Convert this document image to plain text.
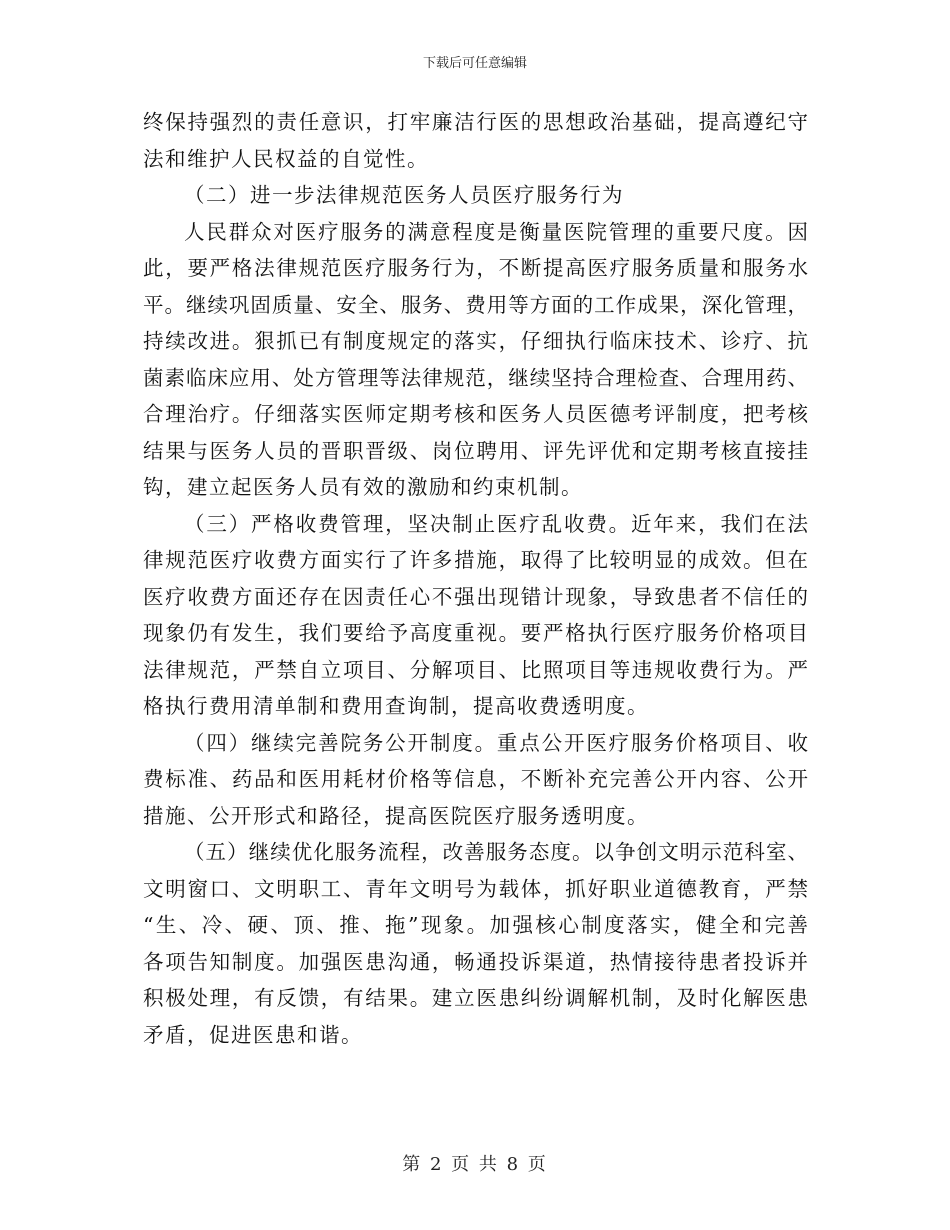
下载后可任意编辑
终保持强烈的责任意识，打牢廉洁行医的思想政治基础，提高遵纪守
法和维护人民权益的自觉性。
（二）进一步法律规范医务人员医疗服务行为
人民群众对医疗服务的满意程度是衡量医院管理的重要尺度。因
此，要严格法律规范医疗服务行为，不断提高医疗服务质量和服务水
平。继续巩固质量、安全、服务、费用等方面的工作成果，深化管理，
持续改进。狠抓已有制度规定的落实，仔细执行临床技术、诊疗、抗
菌素临床应用、处方管理等法律规范，继续坚持合理检查、合理用药、
合理治疗。仔细落实医师定期考核和医务人员医德考评制度，把考核
结果与医务人员的晋职晋级、岗位聘用、评先评优和定期考核直接挂
钩，建立起医务人员有效的激励和约束机制。
（三）严格收费管理，坚决制止医疗乱收费。近年来，我们在法
律规范医疗收费方面实行了许多措施，取得了比较明显的成效。但在
医疗收费方面还存在因责任心不强出现错计现象，导致患者不信任的
现象仍有发生，我们要给予高度重视。要严格执行医疗服务价格项目
法律规范，严禁自立项目、分解项目、比照项目等违规收费行为。严
格执行费用清单制和费用查询制，提高收费透明度。
（四）继续完善院务公开制度。重点公开医疗服务价格项目、收
费标准、药品和医用耗材价格等信息，不断补充完善公开内容、公开
措施、公开形式和路径，提高医院医疗服务透明度。
（五）继续优化服务流程，改善服务态度。以争创文明示范科室、
文明窗口、文明职工、青年文明号为载体，抓好职业道德教育，严禁
“生、冷、硬、顶、推、拖”现象。加强核心制度落实，健全和完善
各项告知制度。加强医患沟通，畅通投诉渠道，热情接待患者投诉并
积极处理，有反馈，有结果。建立医患纠纷调解机制，及时化解医患
矛盾，促进医患和谐。
第 2 页 共 8 页
